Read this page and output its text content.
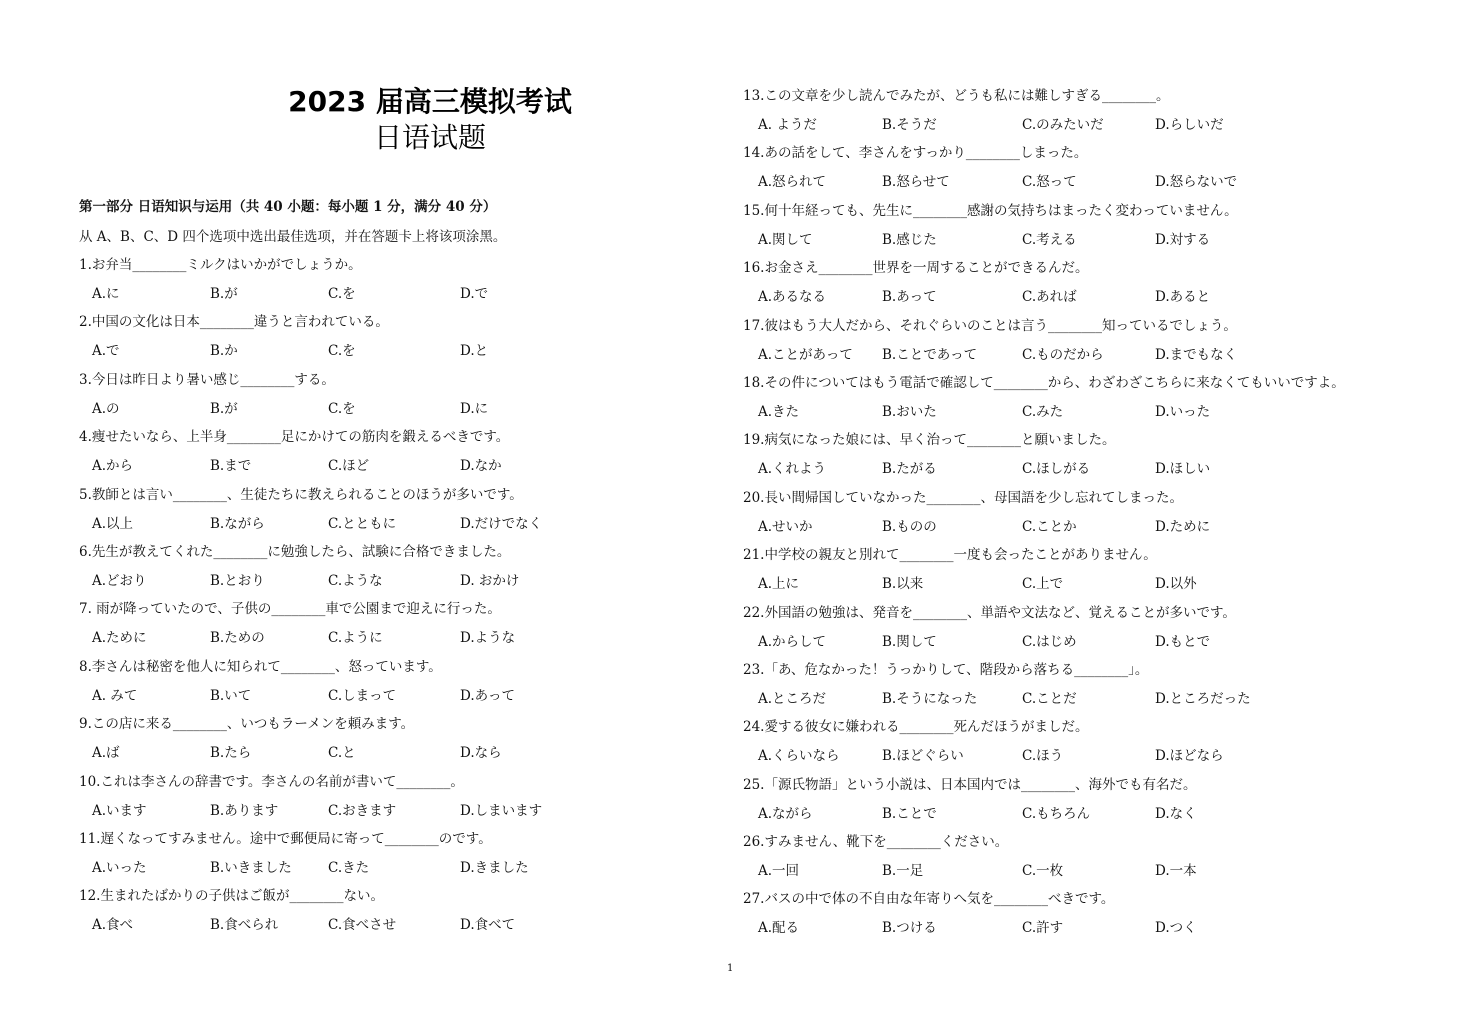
2023 届高三模拟考试
日语试题
第一部分 日语知识与运用（共 40 小题：每小题 1 分，满分 40 分）
从 A、B、C、D 四个选项中选出最佳选项，并在答题卡上将该项涂黑。
1.お弁当________ミルクはいかがでしょうか。
A.に	B.が	C.を	D.で
2.中国の文化は日本________違うと言われている。
A.で	B.か	C.を	D.と
3.今日は昨日より暑い感じ________する。
A.の	B.が	C.を	D.に
4.痩せたいなら、上半身________足にかけての筋肉を鍛えるべきです。
A.から	B.まで	C.ほど	D.なか
5.教師とは言い________、生徒たちに教えられることのほうが多いです。
A.以上	B.ながら	C.とともに	D.だけでなく
6.先生が教えてくれた________に勉強したら、試験に合格できました。
A.どおり	B.とおり	C.ような	D. おかけ
7. 雨が降っていたので、子供の________車で公園まで迎えに行った。
A.ために	B.ための	C.ように	D.ような
8.李さんは秘密を他人に知られて________、怒っています。
A. みて	B.いて	C.しまって	D.あって
9.この店に来る________、いつもラーメンを頼みます。
A.ば	B.たら	C.と	D.なら
10.これは李さんの辞書です。李さんの名前が書いて________。
A.います	B.あります	C.おきます	D.しまいます
11.遅くなってすみません。途中で郵便局に寄って________のです。
A.いった	B.いきました	C.きた	D.きました
12.生まれたばかりの子供はご飯が________ない。
A.食べ	B.食べられ	C.食べさせ	D.食べて
13.この文章を少し読んでみたが、どうも私には難しすぎる________。
A. ようだ	B.そうだ	C.のみたいだ	D.らしいだ
14.あの話をして、李さんをすっかり________しまった。
A.怒られて	B.怒らせて	C.怒って	D.怒らないで
15.何十年経っても、先生に________感謝の気持ちはまったく変わっていません。
A.関して	B.感じた	C.考える	D.対する
16.お金さえ________世界を一周することができるんだ。
A.あるなる	B.あって	C.あれば	D.あると
17.彼はもう大人だから、それぐらいのことは言う________知っているでしょう。
A.ことがあって B.ことであって	C.ものだから	D.までもなく
18.その件についてはもう電話で確認して________から、わざわざこちらに来なくてもいいですよ。
A.きた	B.おいた	C.みた	D.いった
19.病気になった娘には、早く治って________と願いました。
A.くれよう	B.たがる	C.ほしがる	D.ほしい
20.長い間帰国していなかった________、母国語を少し忘れてしまった。
A.せいか	B.ものの	C.ことか	D.ために
21.中学校の親友と別れて________一度も会ったことがありません。
A.上に	B.以来	C.上で	D.以外
22.外国語の勉強は、発音を________、単語や文法など、覚えることが多いです。
A.からして	B.関して	C.はじめ	D.もとで
23.「あ、危なかった！うっかりして、階段から落ちる________」。
A.ところだ	B.そうになった	C.ことだ	D.ところだった
24.愛する彼女に嫌われる________死んだほうがましだ。
A.くらいなら	B.ほどぐらい	C.ほう	D.ほどなら
25.「源氏物語」という小説は、日本国内では________、海外でも有名だ。
A.ながら	B.ことで	C.もちろん	D.なく
26.すみません、靴下を________ください。
A.一回	B.一足	C.一枚	D.一本
27.バスの中で体の不自由な年寄りへ気を________べきです。
A.配る	B.つける	C.許す	D.つく
1
